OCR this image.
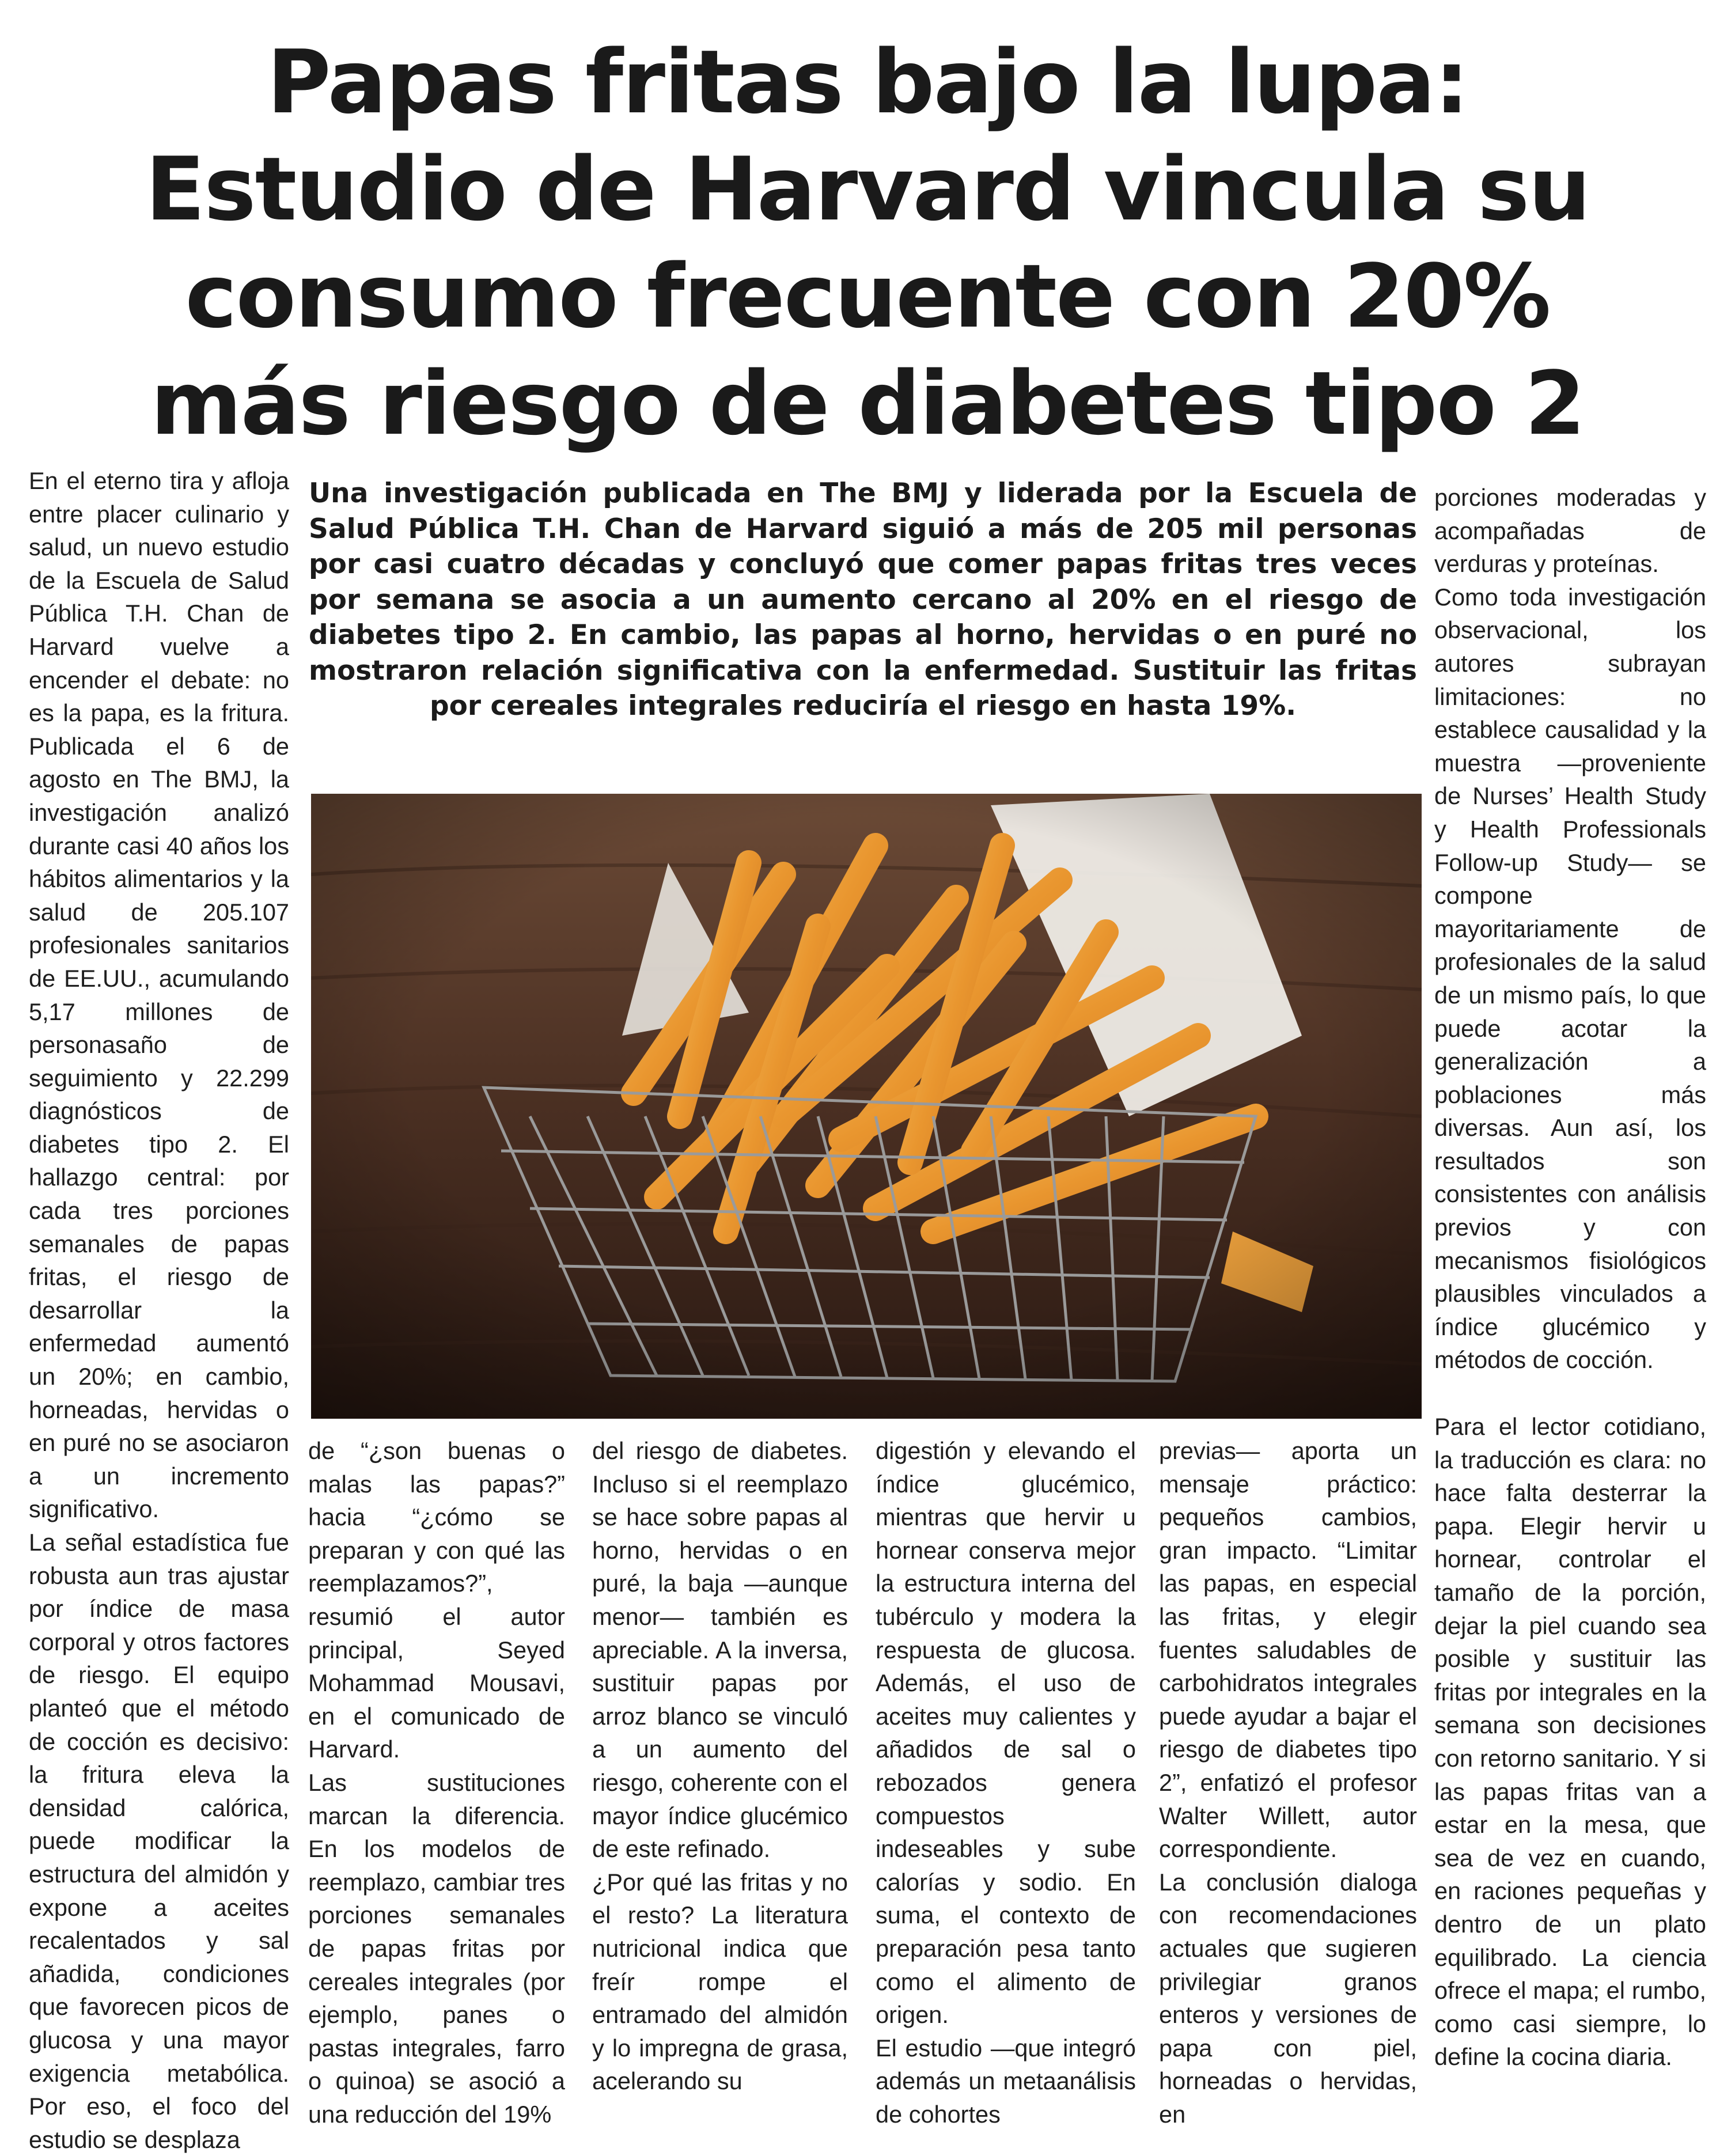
Papas fritas bajo la lupa:
Estudio de Harvard vincula su
consumo frecuente con 20%
más riesgo de diabetes tipo 2

En el eterno tira y afloja entre placer culinario y salud, un nuevo estudio de la Escuela de Salud Pública T.H. Chan de Harvard vuelve a encender el debate: no es la papa, es la fritura. Publicada el 6 de agosto en The BMJ, la investigación analizó durante casi 40 años los hábitos alimentarios y la salud de 205.107 profesionales sanitarios de EE.UU., acumulando 5,17 millones de personasaño de seguimiento y 22.299 diagnósticos de diabetes tipo 2. El hallazgo central: por cada tres porciones semanales de papas fritas, el riesgo de desarrollar la enfermedad aumentó un 20%; en cambio, horneadas, hervidas o en puré no se asociaron a un incremento significativo.

La señal estadística fue robusta aun tras ajustar por índice de masa corporal y otros factores de riesgo. El equipo planteó que el método de cocción es decisivo: la fritura eleva la densidad calórica, puede modificar la estructura del almidón y expone a aceites recalentados y sal añadida, condiciones que favorecen picos de glucosa y una mayor exigencia metabólica. Por eso, el foco del estudio se desplaza

Una investigación publicada en The BMJ y liderada por la Escuela de Salud Pública T.H. Chan de Harvard siguió a más de 205 mil personas por casi cuatro décadas y concluyó que comer papas fritas tres veces por semana se asocia a un aumento cercano al 20% en el riesgo de diabetes tipo 2. En cambio, las papas al horno, hervidas o en puré no mostraron relación significativa con la enfermedad. Sustituir las fritas por cereales integrales reduciría el riesgo en hasta 19%.

de “¿son buenas o malas las papas?” hacia “¿cómo se preparan y con qué las reemplazamos?”, resumió el autor principal, Seyed Mohammad Mousavi, en el comunicado de Harvard.

Las sustituciones marcan la diferencia. En los modelos de reemplazo, cambiar tres porciones semanales de papas fritas por cereales integrales (por ejemplo, panes o pastas integrales, farro o quinoa) se asoció a una reducción del 19%

del riesgo de diabetes. Incluso si el reemplazo se hace sobre papas al horno, hervidas o en puré, la baja —aunque menor— también es apreciable. A la inversa, sustituir papas por arroz blanco se vinculó a un aumento del riesgo, coherente con el mayor índice glucémico de este refinado.

¿Por qué las fritas y no el resto? La literatura nutricional indica que freír rompe el entramado del almidón y lo impregna de grasa, acelerando su

digestión y elevando el índice glucémico, mientras que hervir u hornear conserva mejor la estructura interna del tubérculo y modera la respuesta de glucosa. Además, el uso de aceites muy calientes y añadidos de sal o rebozados genera compuestos indeseables y sube calorías y sodio. En suma, el contexto de preparación pesa tanto como el alimento de origen.

El estudio —que integró además un metaanálisis de cohortes

previas— aporta un mensaje práctico: pequeños cambios, gran impacto. “Limitar las papas, en especial las fritas, y elegir fuentes saludables de carbohidratos integrales puede ayudar a bajar el riesgo de diabetes tipo 2”, enfatizó el profesor Walter Willett, autor correspondiente.

La conclusión dialoga con recomendaciones actuales que sugieren privilegiar granos enteros y versiones de papa con piel, horneadas o hervidas, en

porciones moderadas y acompañadas de verduras y proteínas.

Como toda investigación observacional, los autores subrayan limitaciones: no establece causalidad y la muestra —proveniente de Nurses’ Health Study y Health Professionals Follow-up Study— se compone mayoritariamente de profesionales de la salud de un mismo país, lo que puede acotar la generalización a poblaciones más diversas. Aun así, los resultados son consistentes con análisis previos y con mecanismos fisiológicos plausibles vinculados a índice glucémico y métodos de cocción.

Para el lector cotidiano, la traducción es clara: no hace falta desterrar la papa. Elegir hervir u hornear, controlar el tamaño de la porción, dejar la piel cuando sea posible y sustituir las fritas por integrales en la semana son decisiones con retorno sanitario. Y si las papas fritas van a estar en la mesa, que sea de vez en cuando, en raciones pequeñas y dentro de un plato equilibrado. La ciencia ofrece el mapa; el rumbo, como casi siempre, lo define la cocina diaria.
